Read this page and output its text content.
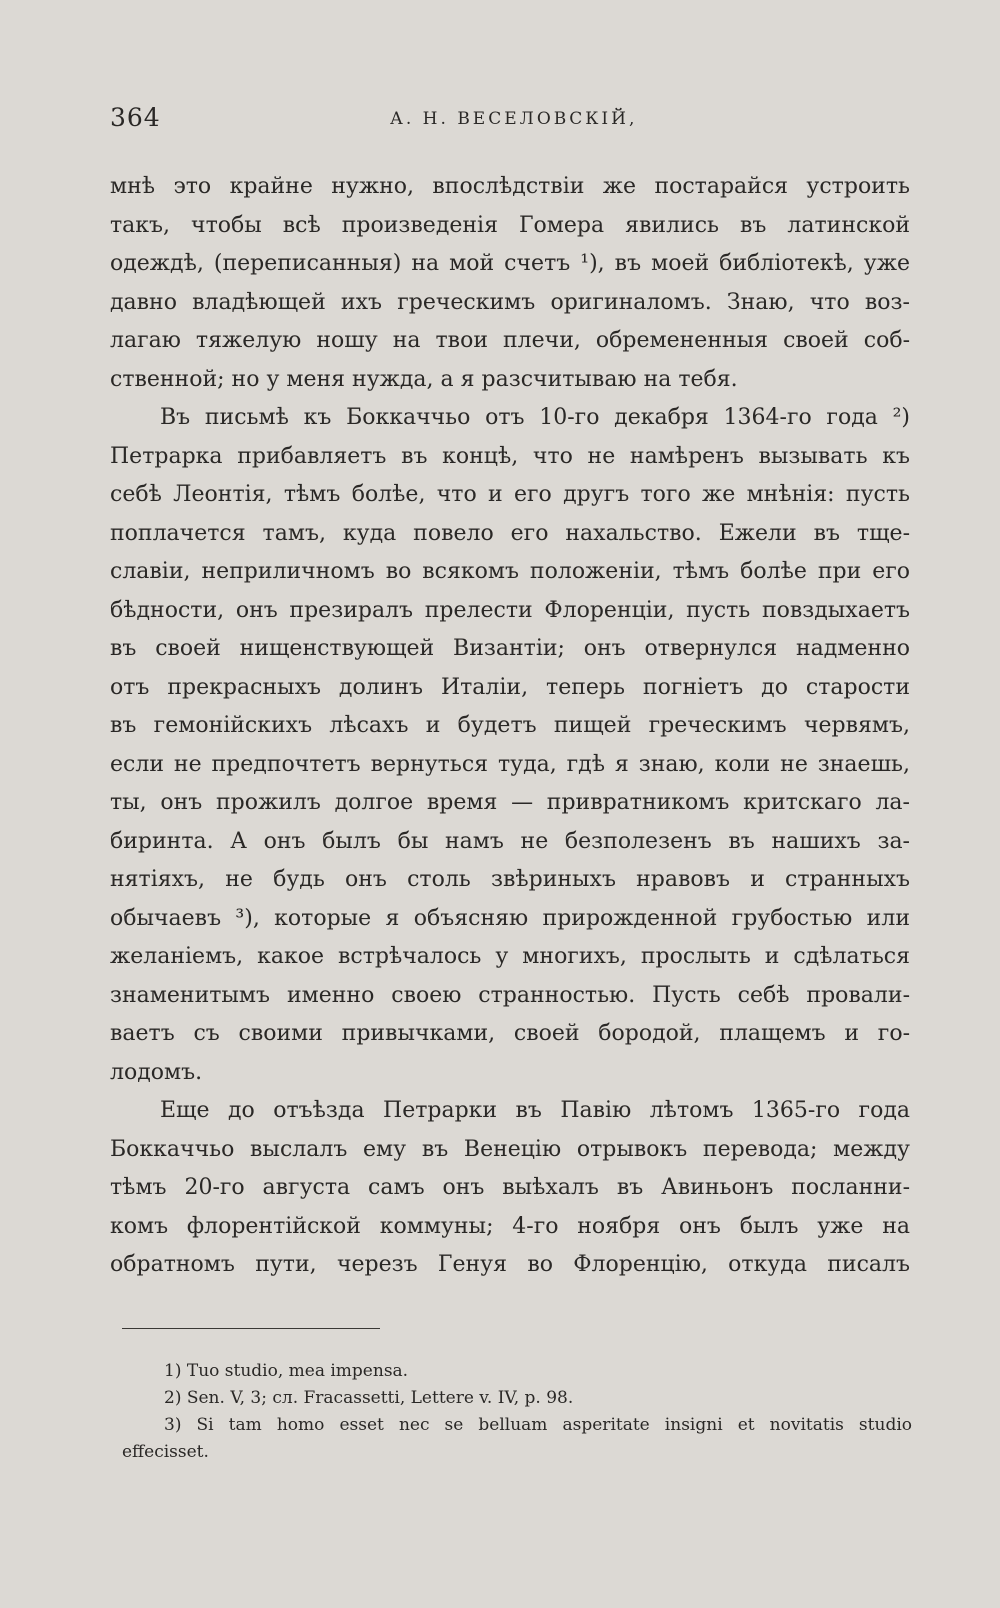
364	А. Н. ВЕСЕЛОВСКІЙ,
мнѣ это крайне нужно, впослѣдствіи же постарайся устроить
такъ, чтобы всѣ произведенія Гомера явились въ латинской
одеждѣ, (переписанныя) на мой счетъ ¹), въ моей библіотекѣ, уже
давно владѣющей ихъ греческимъ оригиналомъ. Знаю, что воз-
лагаю тяжелую ношу на твои плечи, обремененныя своей соб-
ственной; но у меня нужда, а я разсчитываю на тебя.
Въ письмѣ къ Боккаччьо отъ 10-го декабря 1364-го года ²)
Петрарка прибавляетъ въ концѣ, что не намѣренъ вызывать къ
себѣ Леонтія, тѣмъ болѣе, что и его другъ того же мнѣнія: пусть
поплачется тамъ, куда повело его нахальство. Ежели въ тще-
славіи, неприличномъ во всякомъ положеніи, тѣмъ болѣе при его
бѣдности, онъ презиралъ прелести Флоренціи, пусть повздыхаетъ
въ своей нищенствующей Византіи; онъ отвернулся надменно
отъ прекрасныхъ долинъ Италіи, теперь погніетъ до старости
въ гемонійскихъ лѣсахъ и будетъ пищей греческимъ червямъ,
если не предпочтетъ вернуться туда, гдѣ я знаю, коли не знаешь,
ты, онъ прожилъ долгое время — привратникомъ критскаго ла-
биринта. А онъ былъ бы намъ не безполезенъ въ нашихъ за-
нятіяхъ, не будь онъ столь звѣриныхъ нравовъ и странныхъ
обычаевъ ³), которые я объясняю прирожденной грубостью или
желаніемъ, какое встрѣчалось у многихъ, прослыть и сдѣлаться
знаменитымъ именно своею странностью. Пусть себѣ провали-
ваетъ съ своими привычками, своей бородой, плащемъ и го-
лодомъ.
Еще до отъѣзда Петрарки въ Павію лѣтомъ 1365-го года
Боккаччьо выслалъ ему въ Венецію отрывокъ перевода; между
тѣмъ 20-го августа самъ онъ выѣхалъ въ Авиньонъ посланни-
комъ флорентійской коммуны; 4-го ноября онъ былъ уже на
обратномъ пути, черезъ Генуя во Флоренцію, откуда писалъ
1) Tuo studio, mea impensa.
2) Sen. V, 3; сл. Fracassetti, Lettere v. IV, p. 98.
3) Si tam homo esset nec se belluam asperitate insigni et novitatis studio
effecisset.
